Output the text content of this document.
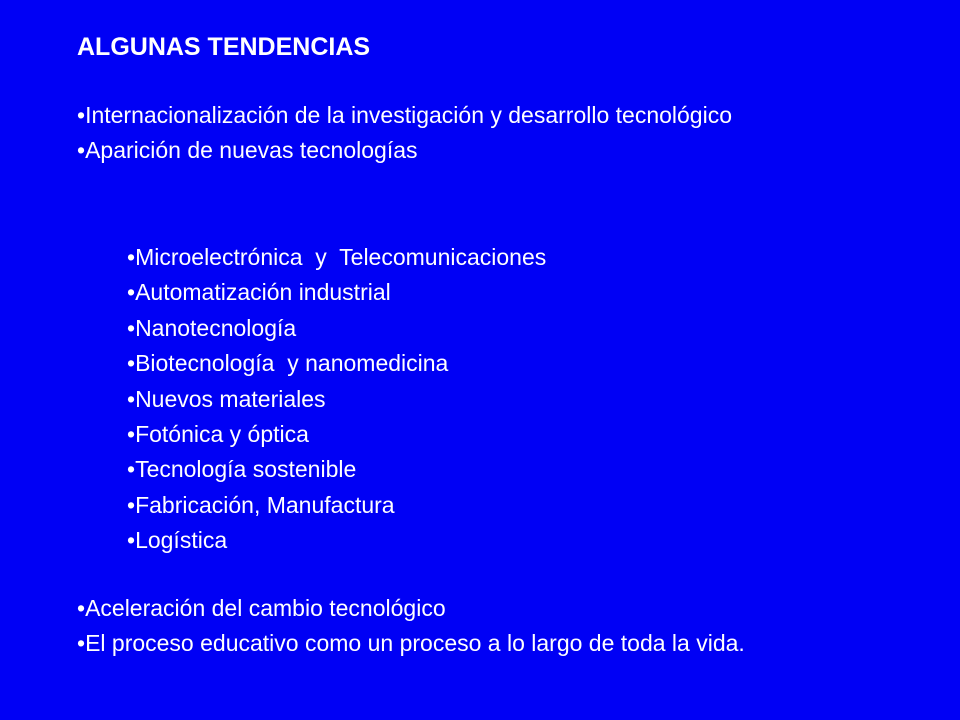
ALGUNAS TENDENCIAS
•Internacionalización de la investigación y desarrollo tecnológico
•Aparición de nuevas tecnologías
•Microelectrónica  y  Telecomunicaciones
•Automatización industrial
•Nanotecnología
•Biotecnología  y nanomedicina
•Nuevos materiales
•Fotónica y óptica
•Tecnología sostenible
•Fabricación, Manufactura
•Logística
•Aceleración del cambio tecnológico
•El proceso educativo como un proceso a lo largo de toda la vida.
